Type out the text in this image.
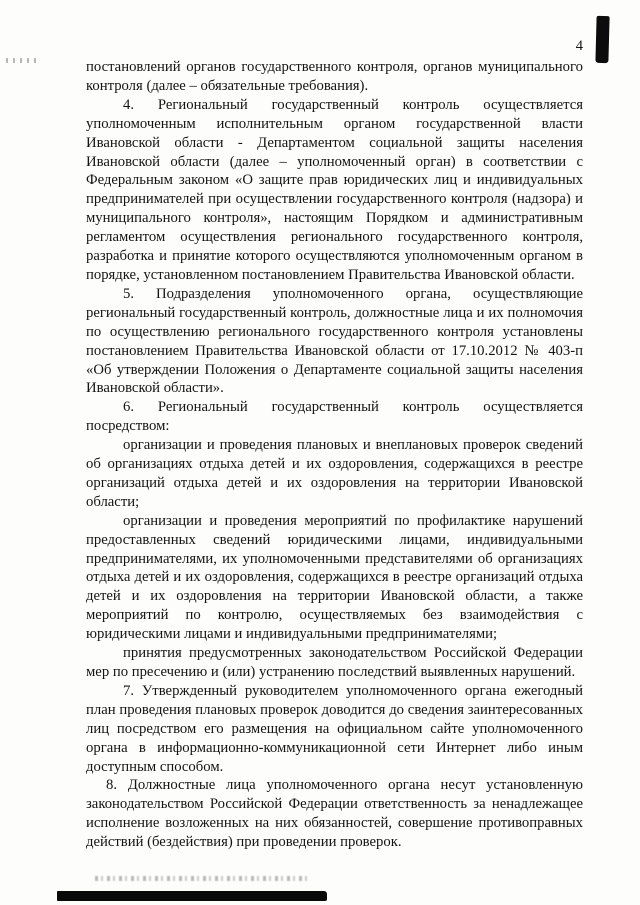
4

постановлений органов государственного контроля, органов муниципального контроля (далее – обязательные требования).

4. Региональный государственный контроль осуществляется уполномоченным исполнительным органом государственной власти Ивановской области - Департаментом социальной защиты населения Ивановской области (далее – уполномоченный орган) в соответствии с Федеральным законом «О защите прав юридических лиц и индивидуальных предпринимателей при осуществлении государственного контроля (надзора) и муниципального контроля», настоящим Порядком и административным регламентом осуществления регионального государственного контроля, разработка и принятие которого осуществляются уполномоченным органом в порядке, установленном постановлением Правительства Ивановской области.

5. Подразделения уполномоченного органа, осуществляющие региональный государственный контроль, должностные лица и их полномочия по осуществлению регионального государственного контроля установлены постановлением Правительства Ивановской области от 17.10.2012 № 403-п «Об утверждении Положения о Департаменте социальной защиты населения Ивановской области».

6. Региональный государственный контроль осуществляется посредством:

организации и проведения плановых и внеплановых проверок сведений об организациях отдыха детей и их оздоровления, содержащихся в реестре организаций отдыха детей и их оздоровления на территории Ивановской области;

организации и проведения мероприятий по профилактике нарушений предоставленных сведений юридическими лицами, индивидуальными предпринимателями, их уполномоченными представителями об организациях отдыха детей и их оздоровления, содержащихся в реестре организаций отдыха детей и их оздоровления на территории Ивановской области, а также мероприятий по контролю, осуществляемых без взаимодействия с юридическими лицами и индивидуальными предпринимателями;

принятия предусмотренных законодательством Российской Федерации мер по пресечению и (или) устранению последствий выявленных нарушений.

7. Утвержденный руководителем уполномоченного органа ежегодный план проведения плановых проверок доводится до сведения заинтересованных лиц посредством его размещения на официальном сайте уполномоченного органа в информационно-коммуникационной сети Интернет либо иным доступным способом.

8. Должностные лица уполномоченного органа несут установленную законодательством Российской Федерации ответственность за ненадлежащее исполнение возложенных на них обязанностей, совершение противоправных действий (бездействия) при проведении проверок.
